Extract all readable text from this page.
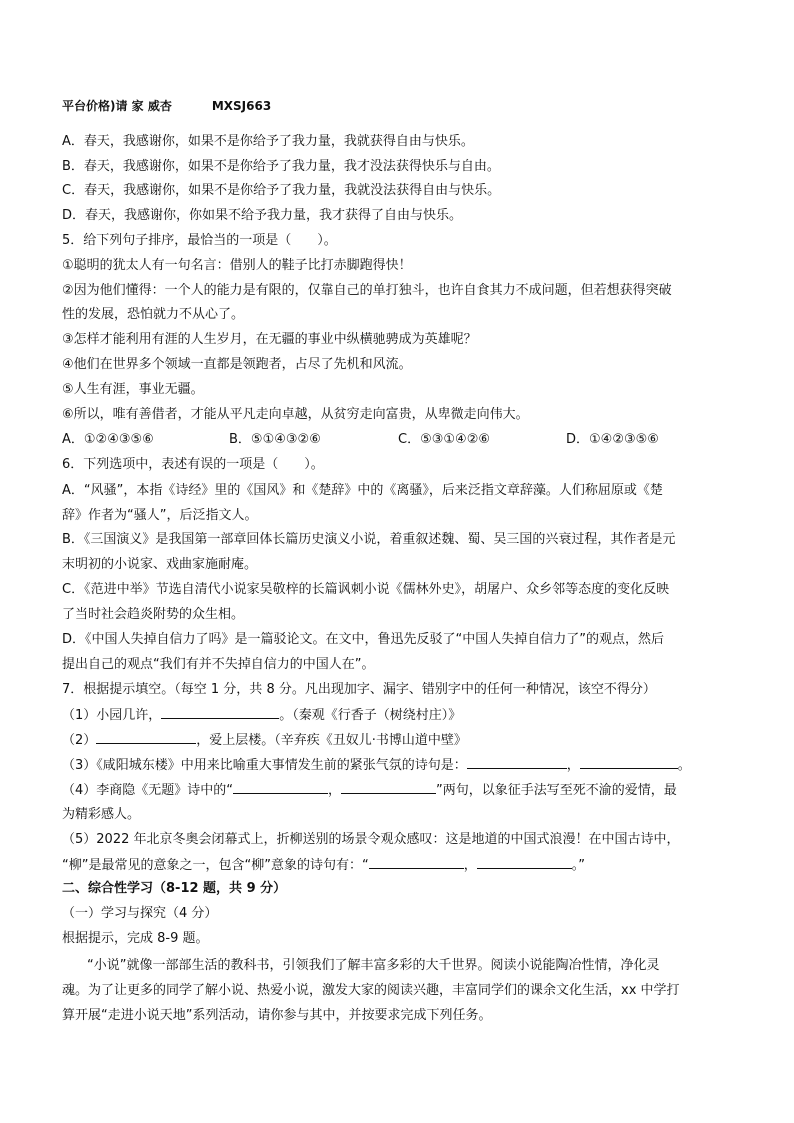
平台价格)请 家 威杏	MXSJ663
A．春天，我感谢你，如果不是你给予了我力量，我就获得自由与快乐。
B．春天，我感谢你，如果不是你给予了我力量，我才没法获得快乐与自由。
C．春天，我感谢你，如果不是你给予了我力量，我就没法获得自由与快乐。
D．春天，我感谢你，你如果不给予我力量，我才获得了自由与快乐。
5．给下列句子排序，最恰当的一项是（　　）。
①聪明的犹太人有一句名言：借别人的鞋子比打赤脚跑得快！
②因为他们懂得：一个人的能力是有限的，仅靠自己的单打独斗，也许自食其力不成问题，但若想获得突破
性的发展，恐怕就力不从心了。
③怎样才能利用有涯的人生岁月，在无疆的事业中纵横驰骋成为英雄呢？
④他们在世界多个领域一直都是领跑者，占尽了先机和风流。
⑤人生有涯，事业无疆。
⑥所以，唯有善借者，才能从平凡走向卓越，从贫穷走向富贵，从卑微走向伟大。
A．①②④③⑤⑥	B．⑤①④③②⑥	C．⑤③①④②⑥	D．①④②③⑤⑥
6．下列选项中，表述有误的一项是（　　）。
A．“风骚”，本指《诗经》里的《国风》和《楚辞》中的《离骚》，后来泛指文章辞藻。人们称屈原或《楚
辞》作者为“骚人”，后泛指文人。
B．《三国演义》是我国第一部章回体长篇历史演义小说，着重叙述魏、蜀、吴三国的兴衰过程，其作者是元
末明初的小说家、戏曲家施耐庵。
C．《范进中举》节选自清代小说家吴敬梓的长篇讽刺小说《儒林外史》，胡屠户、众乡邻等态度的变化反映
了当时社会趋炎附势的众生相。
D．《中国人失掉自信力了吗》是一篇驳论文。在文中，鲁迅先反驳了“中国人失掉自信力了”的观点，然后
提出自己的观点“我们有并不失掉自信力的中国人在”。
7．根据提示填空。（每空 1 分，共 8 分。凡出现加字、漏字、错别字中的任何一种情况，该空不得分）
（1）小园几许，	。（秦观《行香子（树绕村庄）》
（2）	，爱上层楼。（辛弃疾《丑奴儿·书博山道中壁》
（3）《咸阳城东楼》中用来比喻重大事情发生前的紧张气氛的诗句是：	，	。
（4）李商隐《无题》诗中的“	，	”两句，以象征手法写至死不渝的爱情，最
为精彩感人。
（5）2022 年北京冬奥会闭幕式上，折柳送别的场景令观众感叹：这是地道的中国式浪漫！在中国古诗中，
“柳”是最常见的意象之一，包含“柳”意象的诗句有：“	，	。”
二、综合性学习（8-12 题，共 9 分）
（一）学习与探究（4 分）
根据提示，完成 8-9 题。
“小说”就像一部部生活的教科书，引领我们了解丰富多彩的大千世界。阅读小说能陶冶性情，净化灵
魂。为了让更多的同学了解小说、热爱小说，激发大家的阅读兴趣，丰富同学们的课余文化生活，xx 中学打
算开展“走进小说天地”系列活动，请你参与其中，并按要求完成下列任务。
